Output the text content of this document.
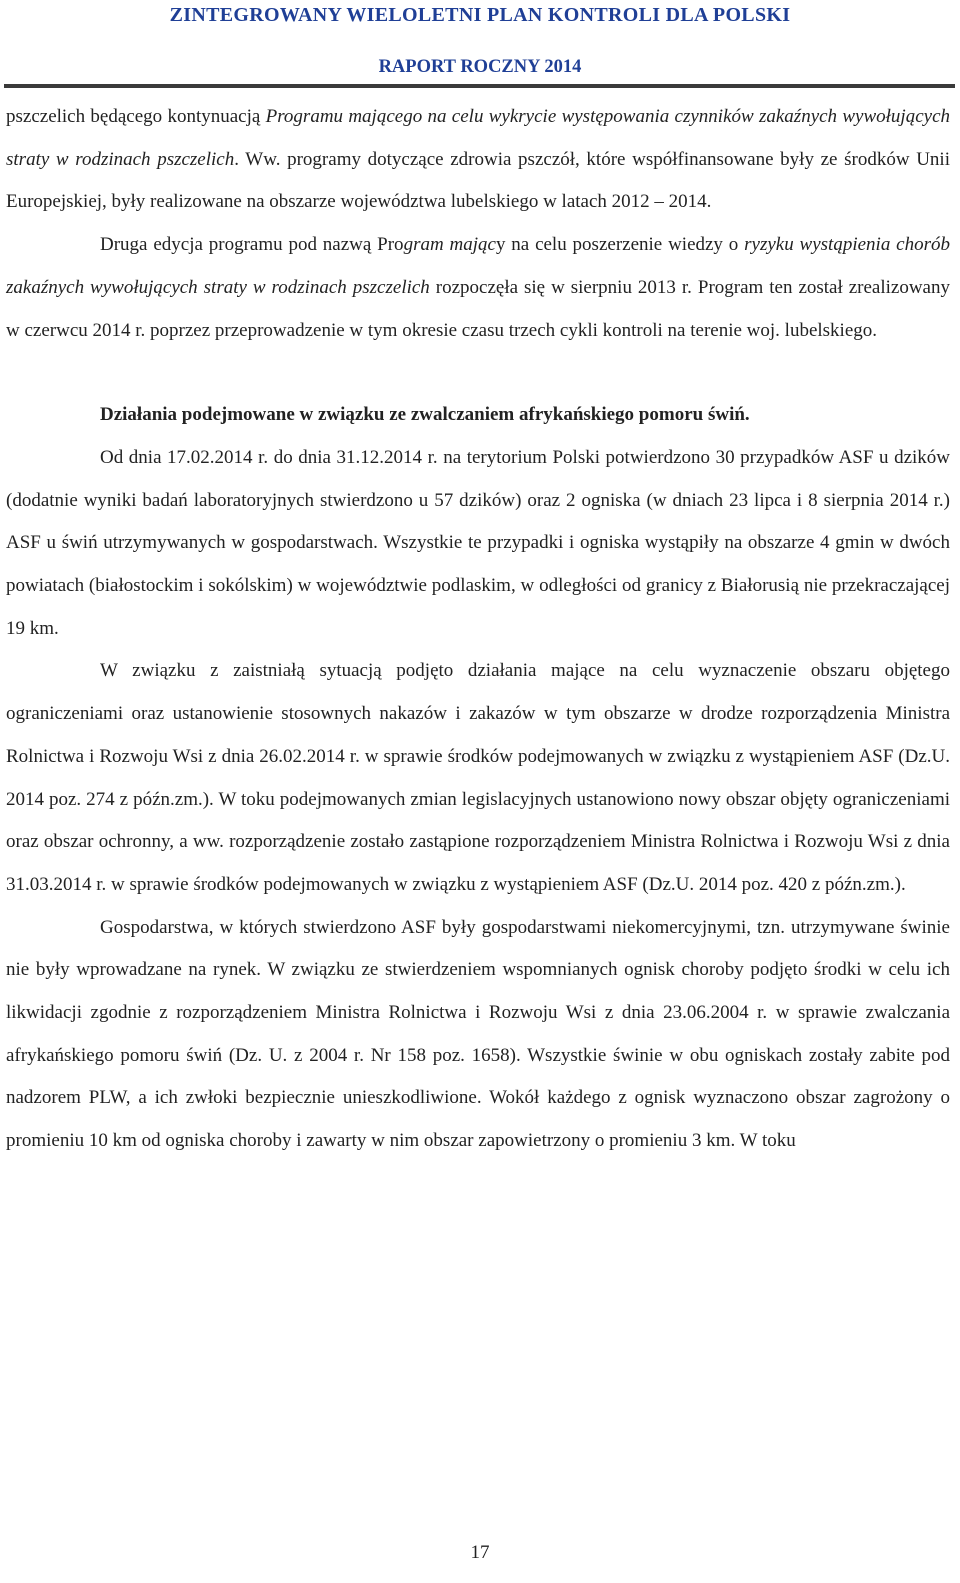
ZINTEGROWANY WIELOLETNI PLAN KONTROLI DLA POLSKI
RAPORT ROCZNY 2014

pszczelich będącego kontynuacją Programu mającego na celu wykrycie występowania czynników zakaźnych wywołujących straty w rodzinach pszczelich. Ww. programy dotyczące zdrowia pszczół, które współfinansowane były ze środków Unii Europejskiej, były realizowane na obszarze województwa lubelskiego w latach 2012 – 2014.

Druga edycja programu pod nazwą Program mający na celu poszerzenie wiedzy o ryzyku wystąpienia chorób zakaźnych wywołujących straty w rodzinach pszczelich rozpoczęła się w sierpniu 2013 r. Program ten został zrealizowany w czerwcu 2014 r. poprzez przeprowadzenie w tym okresie czasu trzech cykli kontroli na terenie woj. lubelskiego.

Działania podejmowane w związku ze zwalczaniem afrykańskiego pomoru świń.

Od dnia 17.02.2014 r. do dnia 31.12.2014 r. na terytorium Polski potwierdzono 30 przypadków ASF u dzików (dodatnie wyniki badań laboratoryjnych stwierdzono u 57 dzików) oraz 2 ogniska (w dniach 23 lipca i 8 sierpnia 2014 r.) ASF u świń utrzymywanych w gospodarstwach. Wszystkie te przypadki i ogniska wystąpiły na obszarze 4 gmin w dwóch powiatach (białostockim i sokólskim) w województwie podlaskim, w odległości od granicy z Białorusią nie przekraczającej 19 km.

W związku z zaistniałą sytuacją podjęto działania mające na celu wyznaczenie obszaru objętego ograniczeniami oraz ustanowienie stosownych nakazów i zakazów w tym obszarze w drodze rozporządzenia Ministra Rolnictwa i Rozwoju Wsi z dnia 26.02.2014 r. w sprawie środków podejmowanych w związku z wystąpieniem ASF (Dz.U. 2014 poz. 274 z późn.zm.). W toku podejmowanych zmian legislacyjnych ustanowiono nowy obszar objęty ograniczeniami oraz obszar ochronny, a ww. rozporządzenie zostało zastąpione rozporządzeniem Ministra Rolnictwa i Rozwoju Wsi z dnia 31.03.2014 r. w sprawie środków podejmowanych w związku z wystąpieniem ASF (Dz.U. 2014 poz. 420 z późn.zm.).

Gospodarstwa, w których stwierdzono ASF były gospodarstwami niekomercyjnymi, tzn. utrzymywane świnie nie były wprowadzane na rynek. W związku ze stwierdzeniem wspomnianych ognisk choroby podjęto środki w celu ich likwidacji zgodnie z rozporządzeniem Ministra Rolnictwa i Rozwoju Wsi z dnia 23.06.2004 r. w sprawie zwalczania afrykańskiego pomoru świń (Dz. U. z 2004 r. Nr 158 poz. 1658). Wszystkie świnie w obu ogniskach zostały zabite pod nadzorem PLW, a ich zwłoki bezpiecznie unieszkodliwione. Wokół każdego z ognisk wyznaczono obszar zagrożony o promieniu 10 km od ogniska choroby i zawarty w nim obszar zapowietrzony o promieniu 3 km. W toku

17
